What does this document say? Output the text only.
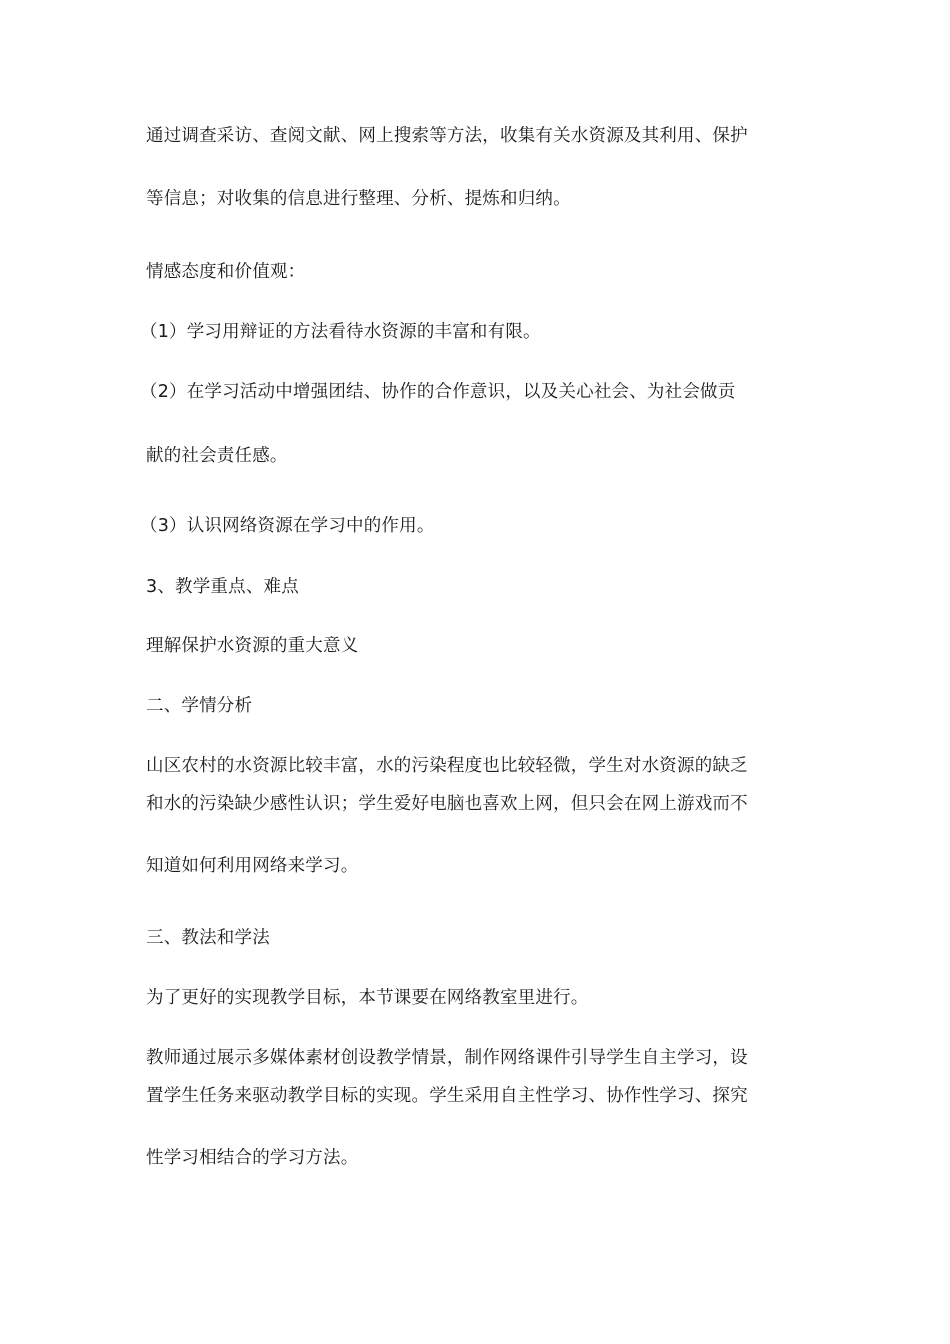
通过调查采访、查阅文献、网上搜索等方法，收集有关水资源及其利用、保护
等信息；对收集的信息进行整理、分析、提炼和归纳。
情感态度和价值观：
（1）学习用辩证的方法看待水资源的丰富和有限。
（2）在学习活动中增强团结、协作的合作意识，以及关心社会、为社会做贡
献的社会责任感。
（3）认识网络资源在学习中的作用。
3、教学重点、难点
理解保护水资源的重大意义
二、学情分析
山区农村的水资源比较丰富，水的污染程度也比较轻微，学生对水资源的缺乏
和水的污染缺少感性认识；学生爱好电脑也喜欢上网，但只会在网上游戏而不
知道如何利用网络来学习。
三、教法和学法
为了更好的实现教学目标，本节课要在网络教室里进行。
教师通过展示多媒体素材创设教学情景，制作网络课件引导学生自主学习，设
置学生任务来驱动教学目标的实现。学生采用自主性学习、协作性学习、探究
性学习相结合的学习方法。
